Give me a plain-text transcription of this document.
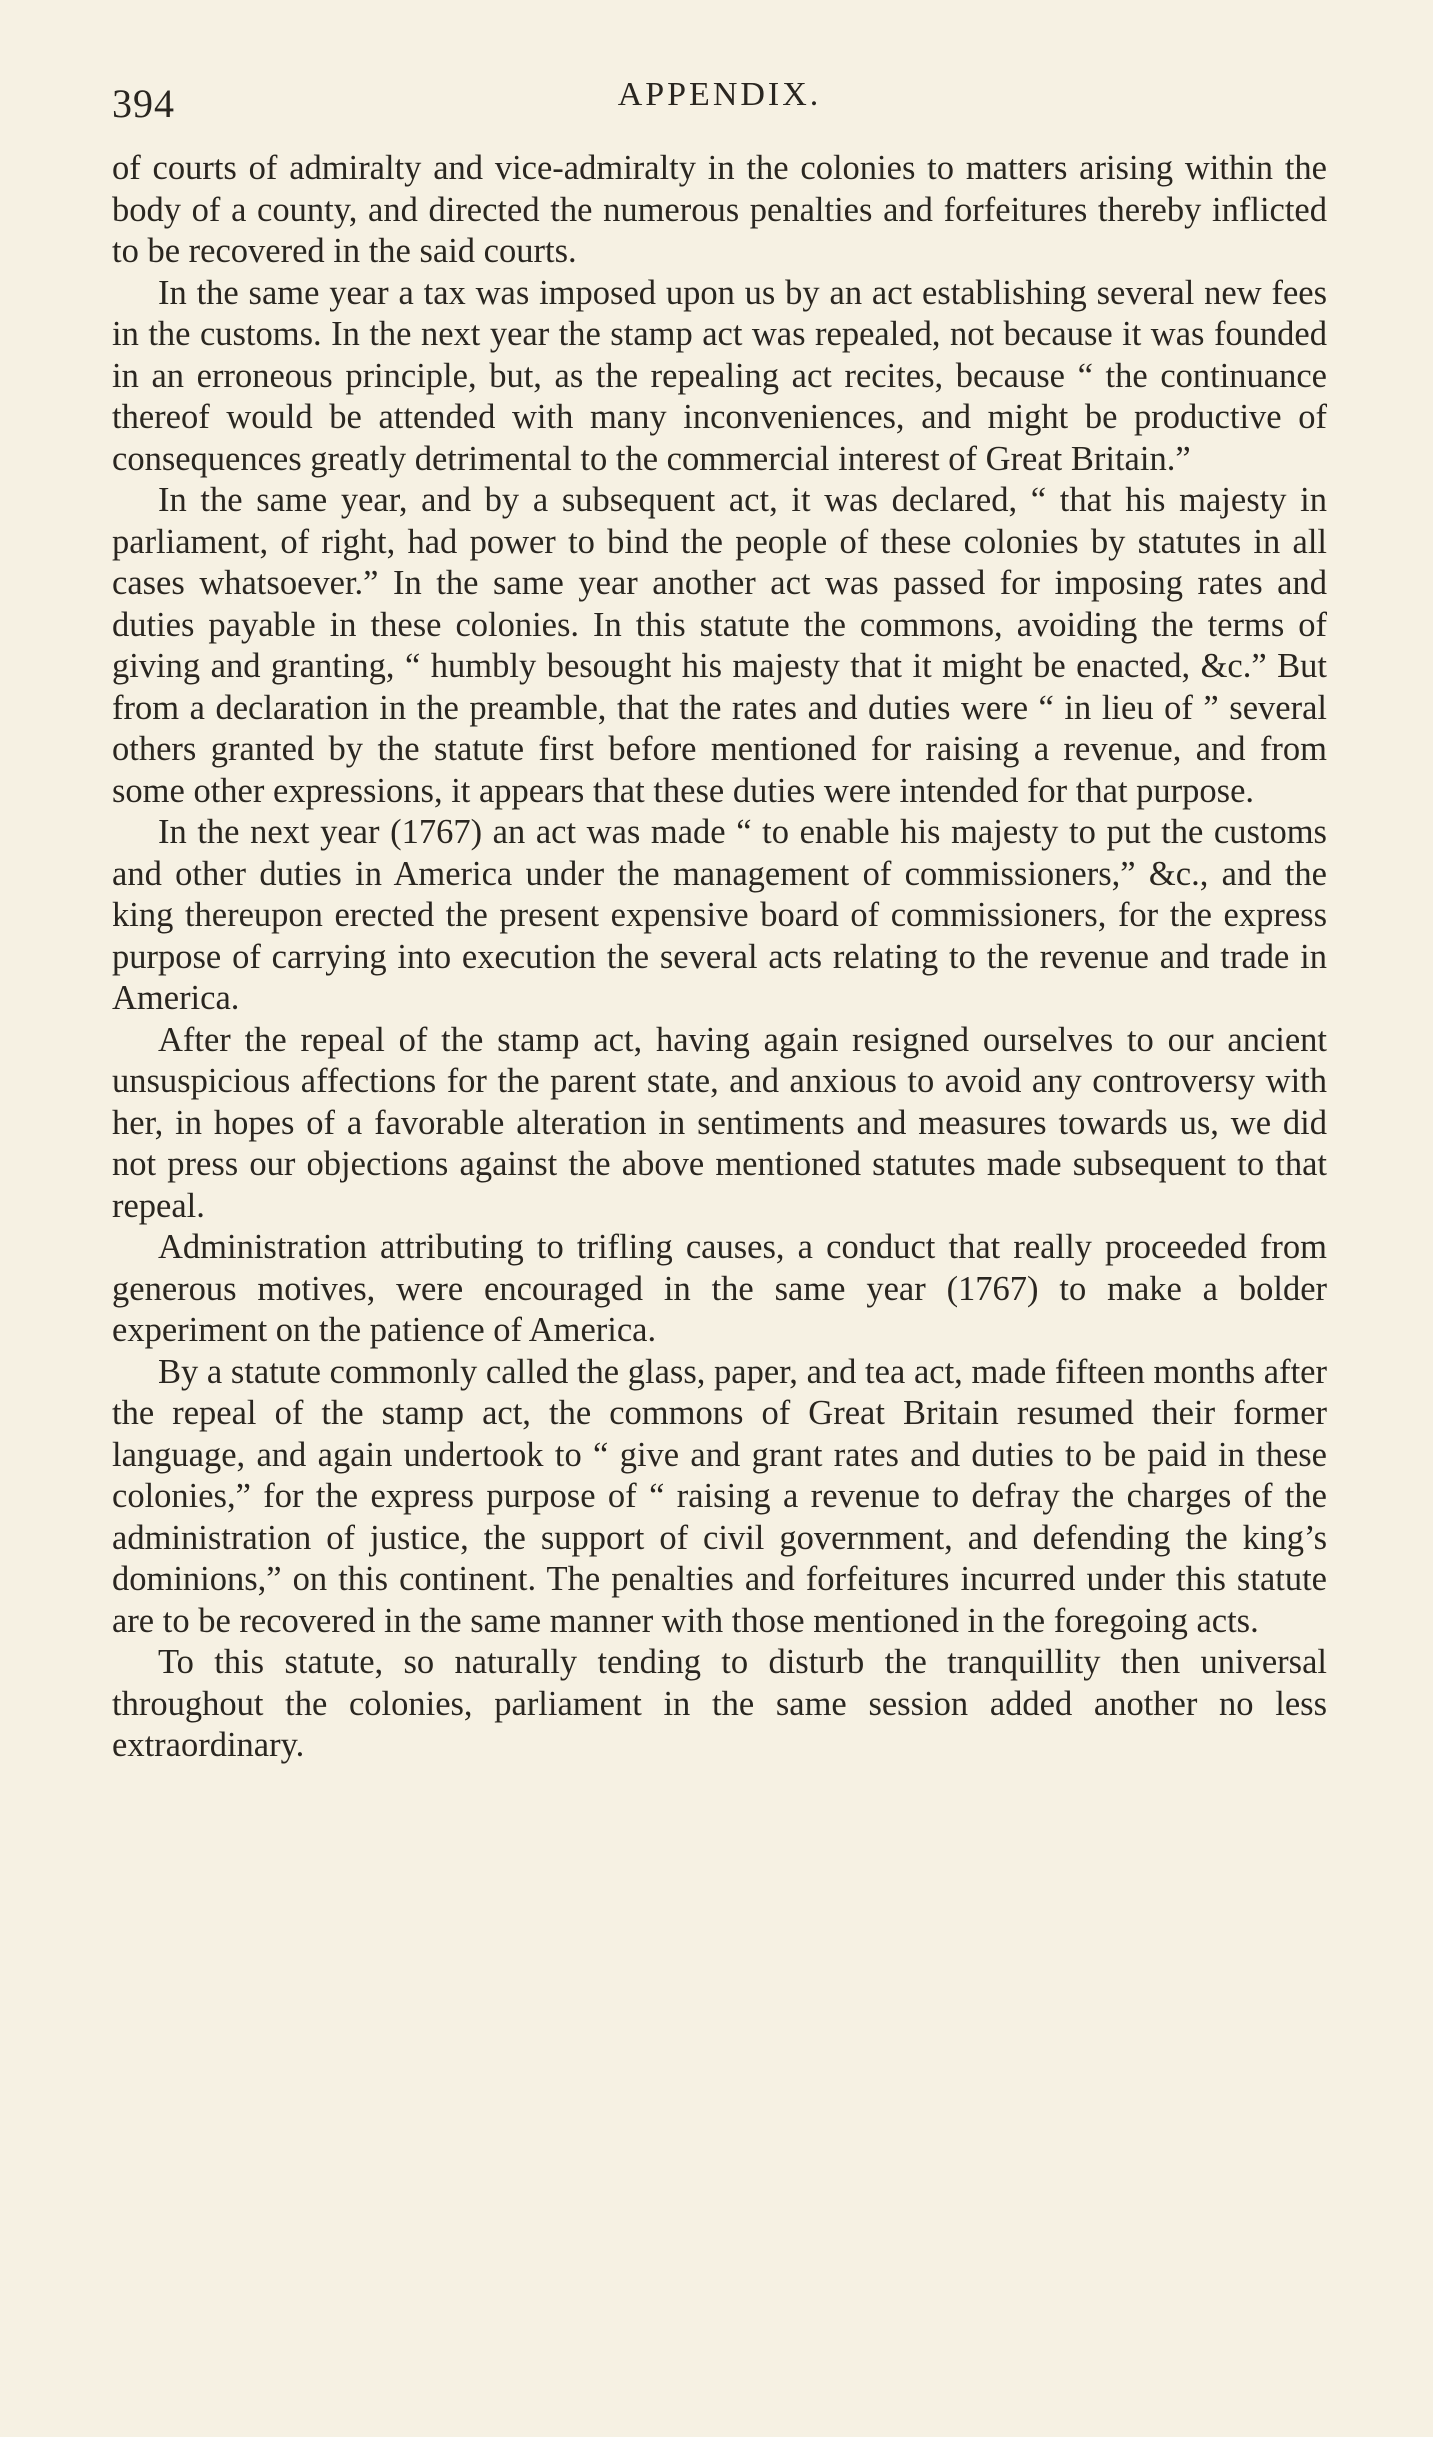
394	APPENDIX.

of courts of admiralty and vice-admiralty in the colonies to matters arising within the body of a county, and directed the numerous penalties and forfeitures thereby inflicted to be recovered in the said courts.

In the same year a tax was imposed upon us by an act establishing several new fees in the customs. In the next year the stamp act was repealed, not because it was founded in an erroneous principle, but, as the repealing act recites, because “ the continuance thereof would be attended with many inconveniences, and might be productive of consequences greatly detrimental to the commercial interest of Great Britain.”

In the same year, and by a subsequent act, it was declared, “ that his majesty in parliament, of right, had power to bind the people of these colonies by statutes in all cases whatsoever.” In the same year another act was passed for imposing rates and duties payable in these colonies. In this statute the commons, avoiding the terms of giving and granting, “ humbly besought his majesty that it might be enacted, &c.” But from a declaration in the preamble, that the rates and duties were “ in lieu of ” several others granted by the statute first before mentioned for raising a revenue, and from some other expressions, it appears that these duties were intended for that purpose.

In the next year (1767) an act was made “ to enable his majesty to put the customs and other duties in America under the management of commissioners,” &c., and the king thereupon erected the present expensive board of commissioners, for the express purpose of carrying into execution the several acts relating to the revenue and trade in America.

After the repeal of the stamp act, having again resigned ourselves to our ancient unsuspicious affections for the parent state, and anxious to avoid any controversy with her, in hopes of a favorable alteration in sentiments and measures towards us, we did not press our objections against the above mentioned statutes made subsequent to that repeal.

Administration attributing to trifling causes, a conduct that really proceeded from generous motives, were encouraged in the same year (1767) to make a bolder experiment on the patience of America.

By a statute commonly called the glass, paper, and tea act, made fifteen months after the repeal of the stamp act, the commons of Great Britain resumed their former language, and again undertook to “ give and grant rates and duties to be paid in these colonies,” for the express purpose of “ raising a revenue to defray the charges of the administration of justice, the support of civil government, and defending the king’s dominions,” on this continent. The penalties and forfeitures incurred under this statute are to be recovered in the same manner with those mentioned in the foregoing acts.

To this statute, so naturally tending to disturb the tranquillity then universal throughout the colonies, parliament in the same session added another no less extraordinary.
